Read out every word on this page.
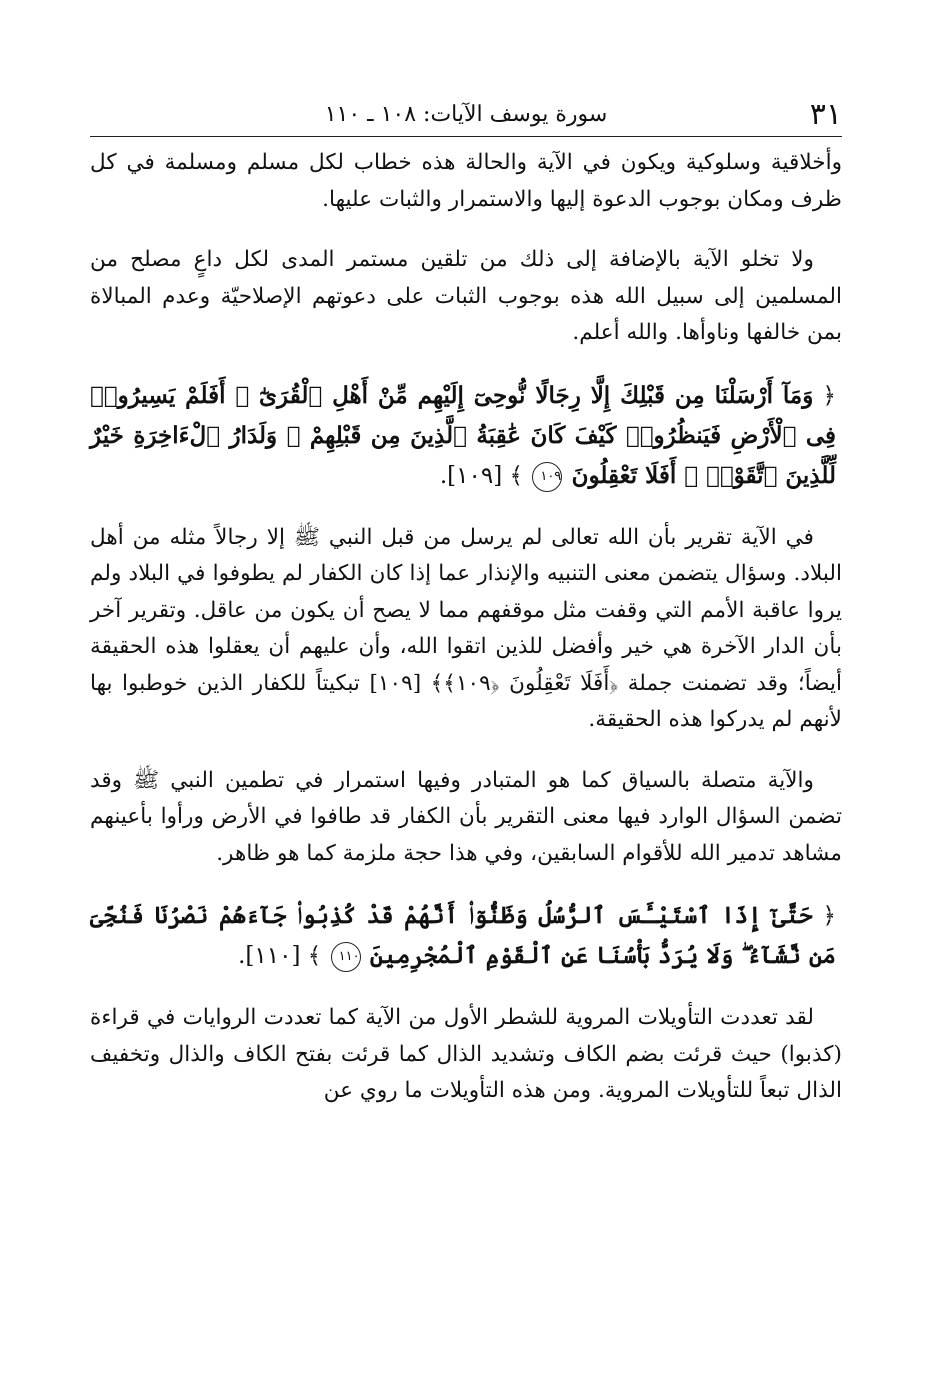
٣١
سورة يوسف الآيات: ١٠٨ ـ ١١٠

وأخلاقية وسلوكية ويكون في الآية والحالة هذه خطاب لكل مسلم ومسلمة في كل ظرف ومكان بوجوب الدعوة إليها والاستمرار والثبات عليها.

ولا تخلو الآية بالإضافة إلى ذلك من تلقين مستمر المدى لكل داعٍ مصلح من المسلمين إلى سبيل الله هذه بوجوب الثبات على دعوتهم الإصلاحيّة وعدم المبالاة بمن خالفها وناوأها. والله أعلم.

﴿ وَمَآ أَرْسَلْنَا مِن قَبْلِكَ إِلَّا رِجَالًا نُّوحِىٓ إِلَيْهِم مِّنْ أَهْلِ ٱلْقُرَىٰٓ ۗ أَفَلَمْ يَسِيرُوا۟ فِى ٱلْأَرْضِ فَيَنظُرُوا۟ كَيْفَ كَانَ عَٰقِبَةُ ٱلَّذِينَ مِن قَبْلِهِمْ ۗ وَلَدَارُ ٱلْءَاخِرَةِ خَيْرٌ لِّلَّذِينَ ٱتَّقَوْا۟ ۗ أَفَلَا تَعْقِلُونَ ١٠٩ ﴾ [١٠٩].

في الآية تقرير بأن الله تعالى لم يرسل من قبل النبي ﷺ إلا رجالاً مثله من أهل البلاد. وسؤال يتضمن معنى التنبيه والإنذار عما إذا كان الكفار لم يطوفوا في البلاد ولم يروا عاقبة الأمم التي وقفت مثل موقفهم مما لا يصح أن يكون من عاقل. وتقرير آخر بأن الدار الآخرة هي خير وأفضل للذين اتقوا الله، وأن عليهم أن يعقلوا هذه الحقيقة أيضاً؛ وقد تضمنت جملة ﴿أَفَلَا تَعْقِلُونَ ﴿١٠٩﴾﴾ [١٠٩] تبكيتاً للكفار الذين خوطبوا بها لأنهم لم يدركوا هذه الحقيقة.

والآية متصلة بالسياق كما هو المتبادر وفيها استمرار في تطمين النبي ﷺ وقد تضمن السؤال الوارد فيها معنى التقرير بأن الكفار قد طافوا في الأرض ورأوا بأعينهم مشاهد تدمير الله للأقوام السابقين، وفي هذا حجة ملزمة كما هو ظاهر.

﴿ حَتَّىٰٓ إِذَا ٱسْتَيْـَٔسَ ٱلرُّسُلُ وَظَنُّوٓا۟ أَنَّهُمْ قَدْ كُذِبُوا۟ جَآءَهُمْ نَصْرُنَا فَنُجِّىَ مَن نَّشَآءُ ۖ وَلَا يُرَدُّ بَأْسُنَا عَنِ ٱلْقَوْمِ ٱلْمُجْرِمِينَ ١١٠ ﴾ [١١٠].

لقد تعددت التأويلات المروية للشطر الأول من الآية كما تعددت الروايات في قراءة (كذبوا) حيث قرئت بضم الكاف وتشديد الذال كما قرئت بفتح الكاف والذال وتخفيف الذال تبعاً للتأويلات المروية. ومن هذه التأويلات ما روي عن
